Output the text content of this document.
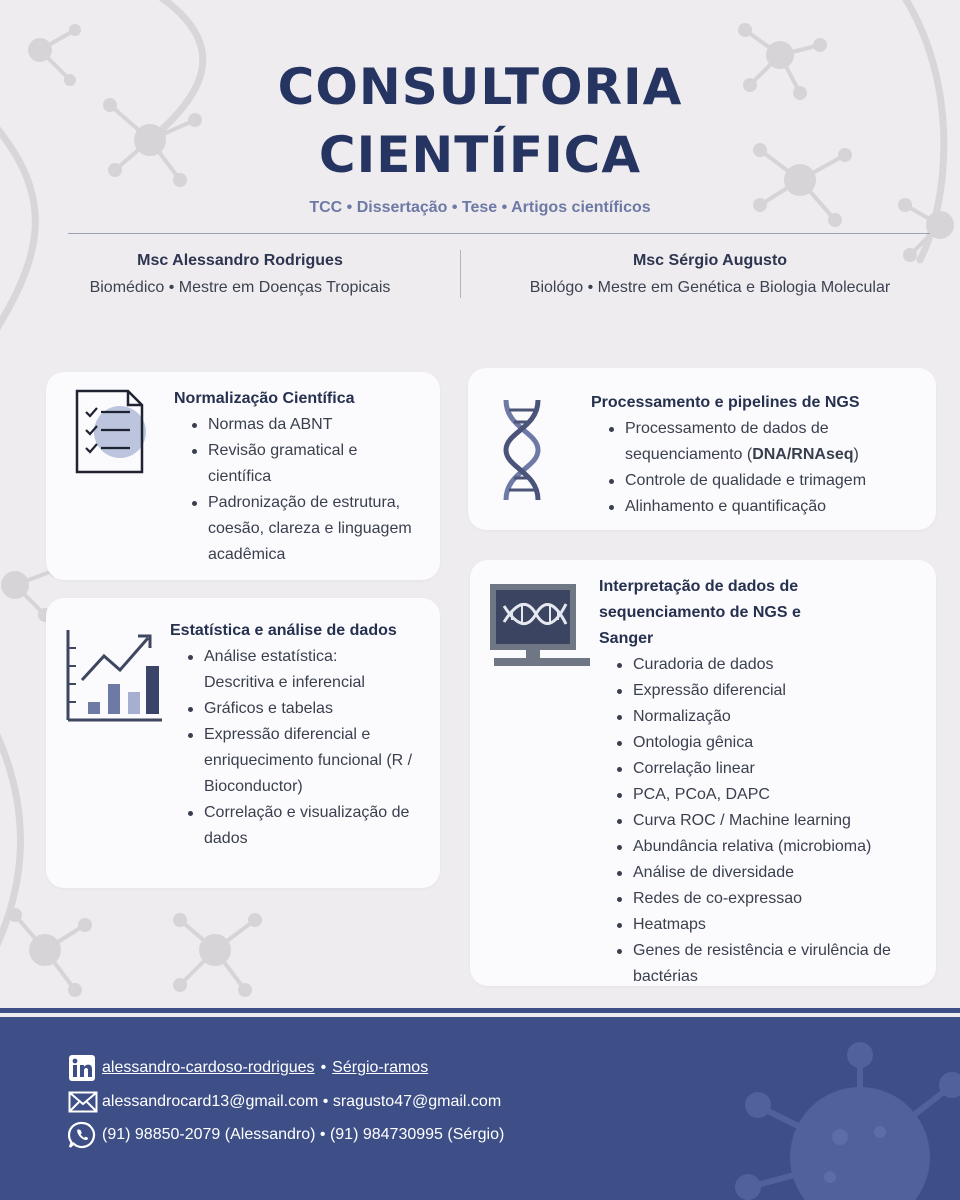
CONSULTORIA
CIENTÍFICA
TCC • Dissertação • Tese • Artigos científicos
Msc Alessandro Rodrigues
Biomédico • Mestre em Doenças Tropicais
Msc Sérgio Augusto
Biológo • Mestre em Genética e Biologia Molecular
Normalização Científica
Normas da ABNT
Revisão gramatical e científica
Padronização de estrutura, coesão, clareza e linguagem acadêmica
Estatística e análise de dados
Análise estatística: Descritiva e inferencial
Gráficos e tabelas
Expressão diferencial e enriquecimento funcional (R / Bioconductor)
Correlação e visualização de dados
Processamento e pipelines de NGS
Processamento de dados de sequenciamento (DNA/RNAseq)
Controle de qualidade e trimagem
Alinhamento e quantificação
Interpretação de dados de sequenciamento de NGS e Sanger
Curadoria de dados
Expressão diferencial
Normalização
Ontologia gênica
Correlação linear
PCA, PCoA, DAPC
Curva ROC / Machine learning
Abundância relativa (microbioma)
Análise de diversidade
Redes de co-expressao
Heatmaps
Genes de resistência e virulência de bactérias
alessandro-cardoso-rodrigues • Sérgio-ramos
alessandrocard13@gmail.com • sragusto47@gmail.com
(91) 98850-2079 (Alessandro) • (91) 984730995 (Sérgio)
